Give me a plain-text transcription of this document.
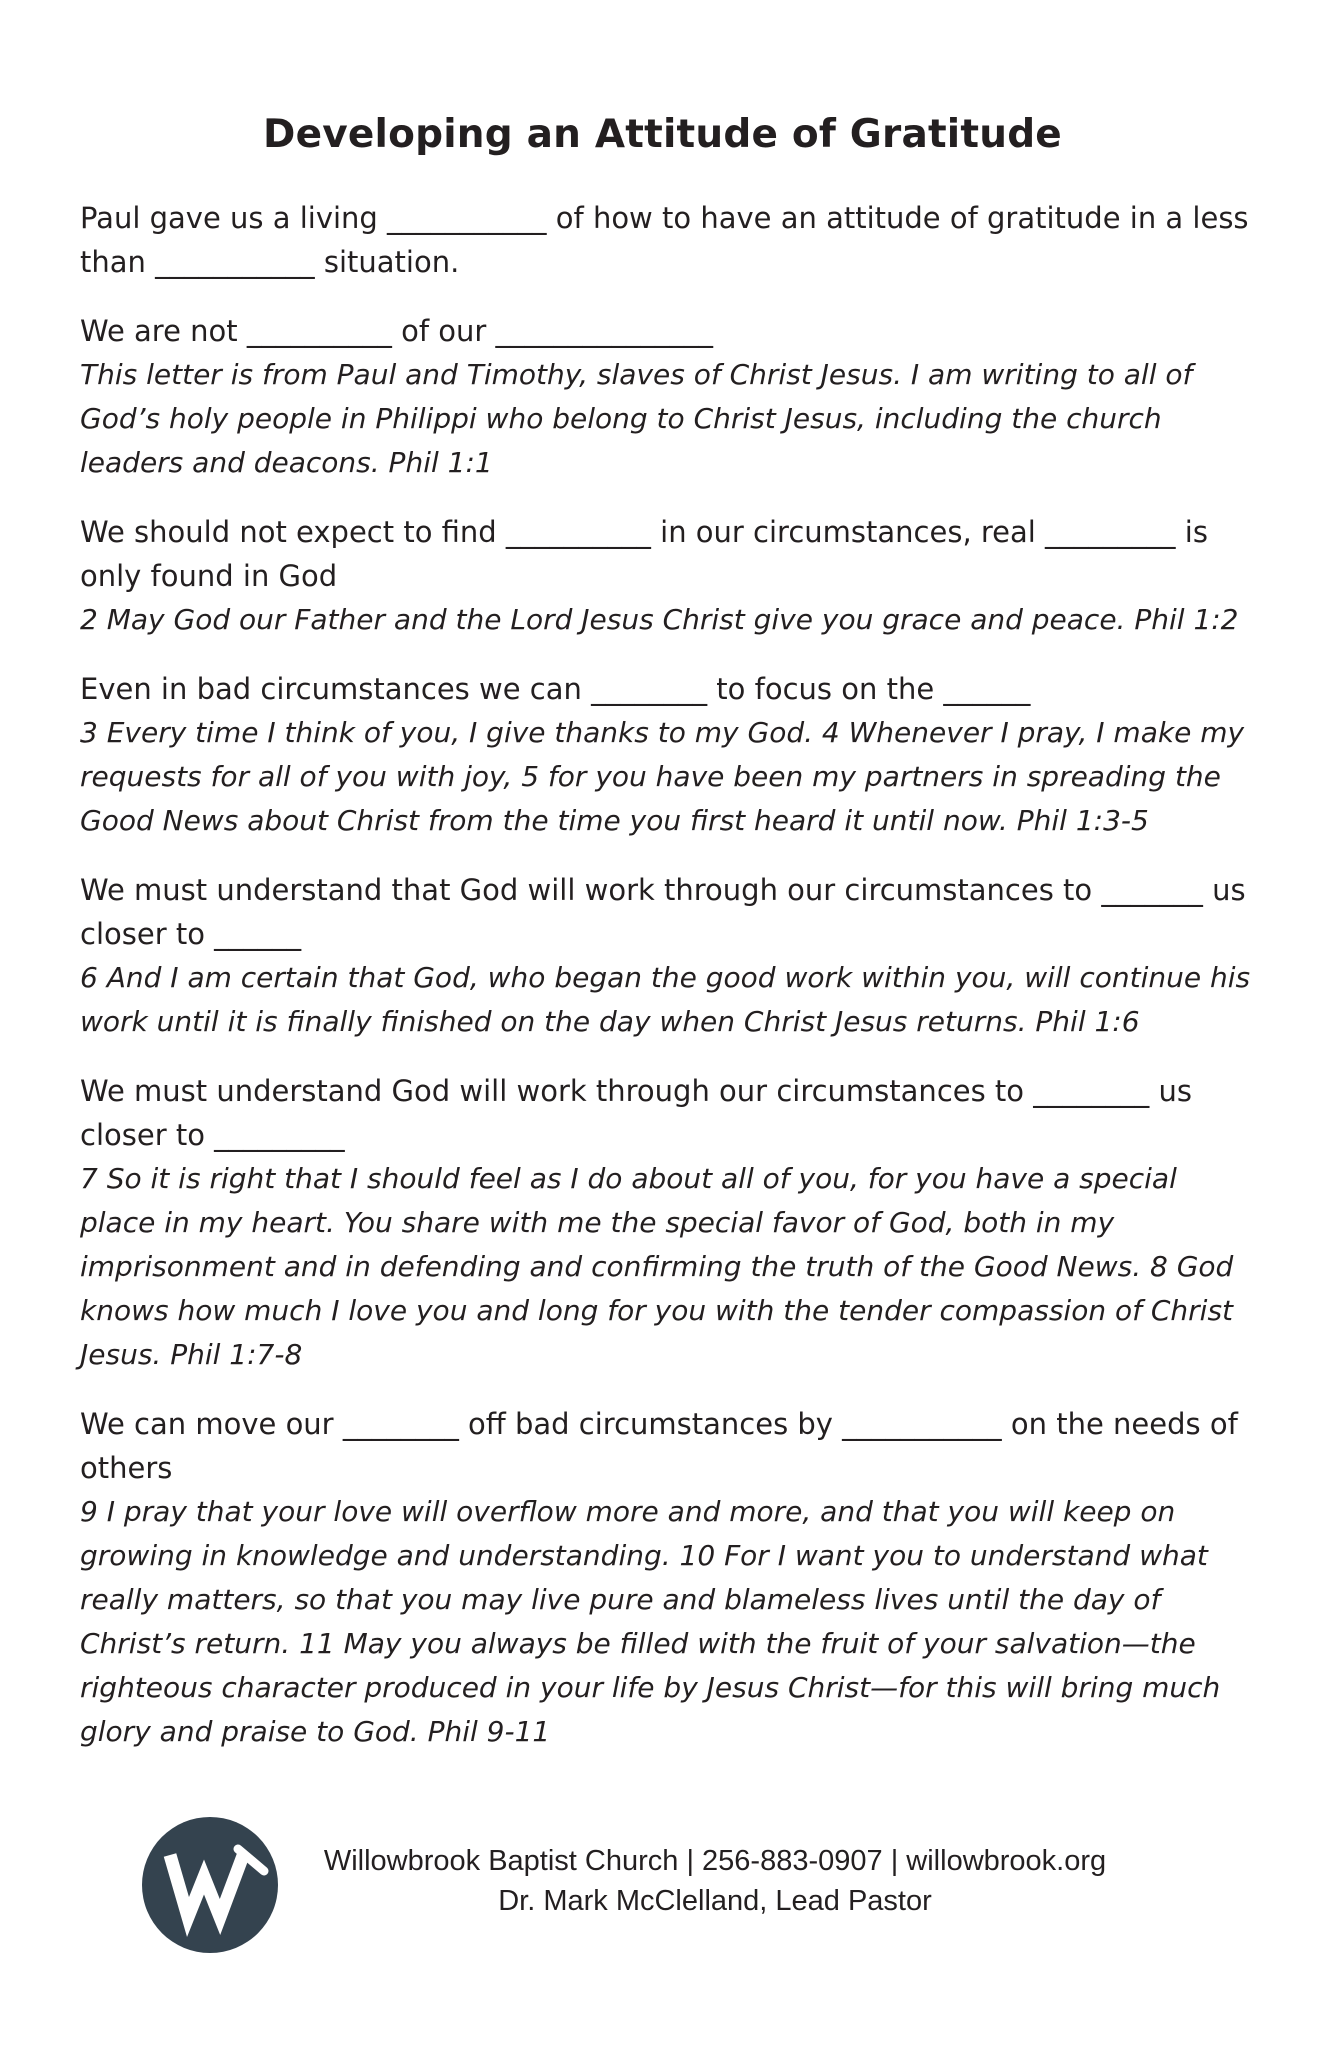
Developing an Attitude of Gratitude

Paul gave us a living ___________ of how to have an attitude of gratitude in a less than ___________ situation.

We are not __________ of our _______________

This letter is from Paul and Timothy, slaves of Christ Jesus. I am writing to all of God’s holy people in Philippi who belong to Christ Jesus, including the church leaders and deacons. Phil 1:1

We should not expect to find __________ in our circumstances, real _________ is only found in God

2 May God our Father and the Lord Jesus Christ give you grace and peace. Phil 1:2

Even in bad circumstances we can ________ to focus on the ______

3 Every time I think of you, I give thanks to my God. 4 Whenever I pray, I make my requests for all of you with joy, 5 for you have been my partners in spreading the Good News about Christ from the time you first heard it until now. Phil 1:3-5

We must understand that God will work through our circumstances to _______ us closer to ______

6 And I am certain that God, who began the good work within you, will continue his work until it is finally finished on the day when Christ Jesus returns. Phil 1:6

We must understand God will work through our circumstances to ________ us closer to _________

7 So it is right that I should feel as I do about all of you, for you have a special place in my heart. You share with me the special favor of God, both in my imprisonment and in defending and confirming the truth of the Good News. 8 God knows how much I love you and long for you with the tender compassion of Christ Jesus. Phil 1:7-8

We can move our ________ off bad circumstances by ___________ on the needs of others

9 I pray that your love will overflow more and more, and that you will keep on growing in knowledge and understanding. 10 For I want you to understand what really matters, so that you may live pure and blameless lives until the day of Christ’s return. 11 May you always be filled with the fruit of your salvation—the righteous character produced in your life by Jesus Christ—for this will bring much glory and praise to God. Phil 9-11

Willowbrook Baptist Church | 256-883-0907 | willowbrook.org
Dr. Mark McClelland, Lead Pastor
